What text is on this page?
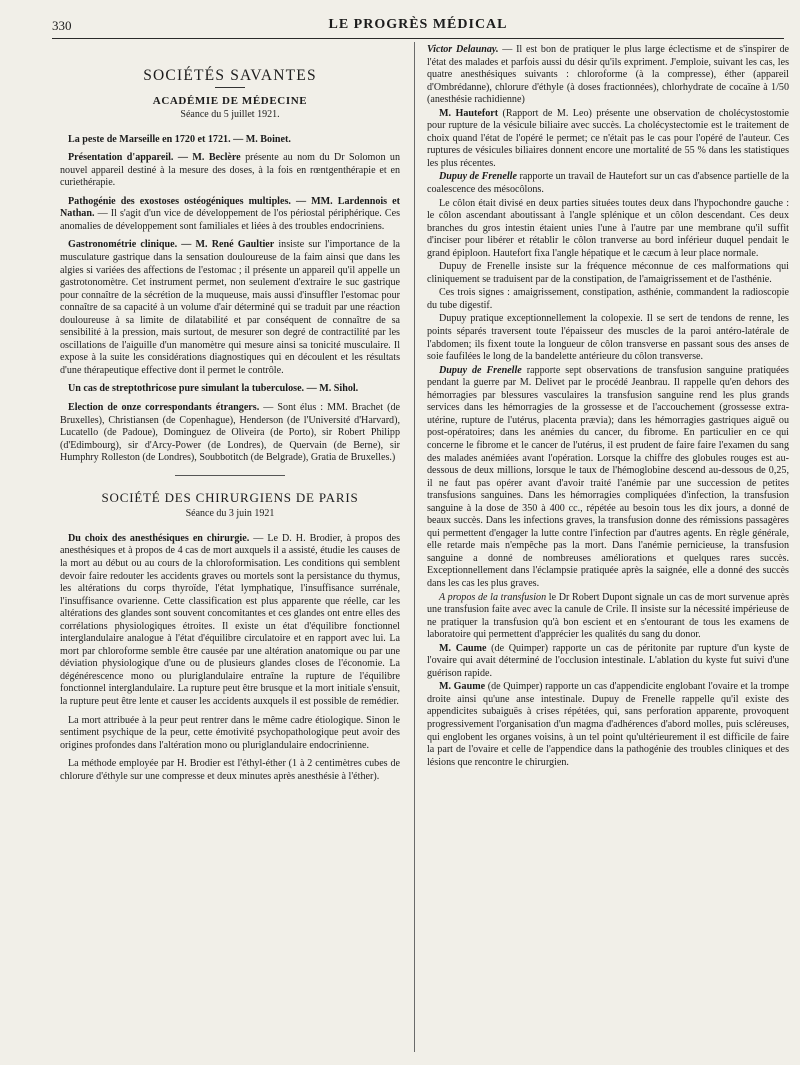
330	LE PROGRÈS MÉDICAL
SOCIÉTÉS SAVANTES
ACADÉMIE DE MÉDECINE
Séance du 5 juillet 1921.

La peste de Marseille en 1720 et 1721. — M. Boinet.

Présentation d'appareil. — M. Beclère présente au nom du Dr Solomon un nouvel appareil destiné à la mesure des doses, à la fois en rœntgenthérapie et en curiethérapie.

Pathogénie des exostoses ostéogéniques multiples. — MM. Lardennois et Nathan. — Il s'agit d'un vice de développement de l'os périostal périphérique. Ces anomalies de développement sont familiales et liées à des troubles endocriniens.

Gastronométrie clinique. — M. René Gaultier insiste sur l'importance de la musculature gastrique dans la sensation douloureuse de la faim ainsi que dans les algies si variées des affections de l'estomac ; il présente un appareil qu'il appelle un gastrotonomètre. Cet instrument permet, non seulement d'extraire le suc gastrique pour connaître de la sécrétion de la muqueuse, mais aussi d'insuffler l'estomac pour connaître de sa capacité à un volume d'air déterminé qui se traduit par une réaction douloureuse à sa limite de dilatabilité et par conséquent de connaître de sa sensibilité à la pression, mais surtout, de mesurer son degré de contractilité par les oscillations de l'aiguille d'un manomètre qui mesure ainsi sa tonicité musculaire. Il expose à la suite les considérations diagnostiques qui en découlent et les résultats d'une thérapeutique effective dont il permet le contrôle.

Un cas de streptothricose pure simulant la tuberculose. — M. Sihol.

Election de onze correspondants étrangers. — Sont élus : MM. Brachet (de Bruxelles), Christiansen (de Copenhague), Henderson (de l'Université d'Harvard), Lucatello (de Padoue), Dominguez de Oliveira (de Porto), sir Robert Philipp (d'Edimbourg), sir d'Arcy-Power (de Londres), de Quervain (de Berne), sir Humphry Rolleston (de Londres), Soubbotitch (de Belgrade), Gratia de Bruxelles.)

SOCIÉTÉ DES CHIRURGIENS DE PARIS
Séance du 3 juin 1921

Du choix des anesthésiques en chirurgie. — Le D. H. Brodier, à propos des anesthésiques et à propos de 4 cas de mort auxquels il a assisté, étudie les causes de la mort au début ou au cours de la chloroformisation. Les conditions qui semblent devoir faire redouter les accidents graves ou mortels sont la persistance du thymus, les altérations du corps thyroïde, l'état lymphatique, l'insuffisance surrénale, l'insuffisance ovarienne. Cette classification est plus apparente que réelle, car les altérations des glandes sont souvent concomitantes et ces glandes ont entre elles des corrélations physiologiques étroites. Il existe un état d'équilibre fonctionnel interglandulaire analogue à l'état d'équilibre circulatoire et en rapport avec lui. La mort par chloroforme semble être causée par une altération anatomique ou par une déviation physiologique d'une ou de plusieurs glandes closes de l'économie. La dégénérescence mono ou pluriglandulaire entraîne la rupture de l'équilibre fonctionnel interglandulaire. La rupture peut être brusque et la mort initiale s'ensuit, la rupture peut être lente et causer les accidents auxquels il est possible de remédier.

La mort attribuée à la peur peut rentrer dans le même cadre étiologique. Sinon le sentiment psychique de la peur, cette émotivité psychopathologique peut avoir des origines profondes dans l'altération mono ou pluriglandulaire endocrinienne.

La méthode employée par H. Brodier est l'éthyl-éther (1 à 2 centimètres cubes de chlorure d'éthyle sur une compresse et deux minutes après anesthésie à l'éther).

Victor Delaunay. — Il est bon de pratiquer le plus large éclectisme et de s'inspirer de l'état des malades et parfois aussi du désir qu'ils expriment. J'emploie, suivant les cas, les quatre anesthésiques suivants : chloroforme (à la compresse), éther (appareil d'Ombrédanne), chlorure d'éthyle (à doses fractionnées), chlorhydrate de cocaïne à 1/50 (anesthésie rachidienne)

M. Hautefort (Rapport de M. Leo) présente une observation de cholécystostomie pour rupture de la vésicule biliaire avec succès. La cholécystectomie est le traitement de choix quand l'état de l'opéré le permet; ce n'était pas le cas pour l'opéré de l'auteur. Ces ruptures de vésicules biliaires donnent encore une mortalité de 55 % dans les statistiques les plus récentes.

Dupuy de Frenelle rapporte un travail de Hautefort sur un cas d'absence partielle de la coalescence des mésocôlons.

Le côlon était divisé en deux parties situées toutes deux dans l'hypochondre gauche : le côlon ascendant aboutissant à l'angle splénique et un côlon descendant. Ces deux branches du gros intestin étaient unies l'une à l'autre par une membrane qu'il suffit d'inciser pour libérer et rétablir le côlon tranverse au bord inférieur duquel pendait le grand épiploon. Hautefort fixa l'angle hépatique et le cæcum à leur place normale.

Dupuy de Frenelle insiste sur la fréquence méconnue de ces malformations qui cliniquement se traduisent par de la constipation, de l'amaigrissement et de l'asthénie.

Ces trois signes : amaigrissement, constipation, asthénie, commandent la radioscopie du tube digestif.

Dupuy pratique exceptionnellement la colopexie. Il se sert de tendons de renne, les points séparés traversent toute l'épaisseur des muscles de la paroi antéro-latérale de l'abdomen; ils fixent toute la longueur de côlon transverse en passant sous des anses de soie faufilées le long de la bandelette antérieure du côlon transverse.

Dupuy de Frenelle rapporte sept observations de transfusion sanguine pratiquées pendant la guerre par M. Delivet par le procédé Jeanbrau. Il rappelle qu'en dehors des hémorragies par blessures vasculaires la transfusion sanguine rend les plus grands services dans les hémorragies de la grossesse et de l'accouchement (grossesse extra-utérine, rupture de l'utérus, placenta prævia); dans les hémorragies gastriques aiguë ou post-opératoires; dans les anémies du cancer, du fibrome. En particulier en ce qui concerne le fibrome et le cancer de l'utérus, il est prudent de faire faire l'examen du sang des malades anémiées avant l'opération. Lorsque la chiffre des globules rouges est au-dessous de deux millions, lorsque le taux de l'hémoglobine descend au-dessous de 0,25, il ne faut pas opérer avant d'avoir traité l'anémie par une succession de petites transfusions sanguines. Dans les hémorragies compliquées d'infection, la transfusion sanguine à la dose de 350 à 400 cc., répétée au besoin tous les dix jours, a donné de beaux succès. Dans les infections graves, la transfusion donne des rémissions passagères qui permettent d'engager la lutte contre l'infection par d'autres agents. En règle générale, elle retarde mais n'empêche pas la mort. Dans l'anémie pernicieuse, la transfusion sanguine a donné de nombreuses améliorations et quelques rares succès. Exceptionnellement dans l'éclampsie pratiquée après la saignée, elle a donné des succès dans les cas les plus graves.

A propos de la transfusion le Dr Robert Dupont signale un cas de mort survenue après une transfusion faite avec avec la canule de Crile. Il insiste sur la nécessité impérieuse de ne pratiquer la transfusion qu'à bon escient et en s'entourant de tous les examens de laboratoire qui permettent d'apprécier les qualités du sang du donor.

M. Caume (de Quimper) rapporte un cas de péritonite par rupture d'un kyste de l'ovaire qui avait déterminé de l'occlusion intestinale. L'ablation du kyste fut suivi d'une guérison rapide.

M. Gaume (de Quimper) rapporte un cas d'appendicite englobant l'ovaire et la trompe droite ainsi qu'une anse intestinale. Dupuy de Frenelle rappelle qu'il existe des appendicites subaiguës à crises répétées, qui, sans perforation apparente, provoquent progressivement l'organisation d'un magma d'adhérences d'abord molles, puis scléreuses, qui englobent les organes voisins, à un tel point qu'ultérieurement il est difficile de faire la part de l'ovaire et celle de l'appendice dans la pathogénie des troubles cliniques et des lésions que rencontre le chirurgien.
